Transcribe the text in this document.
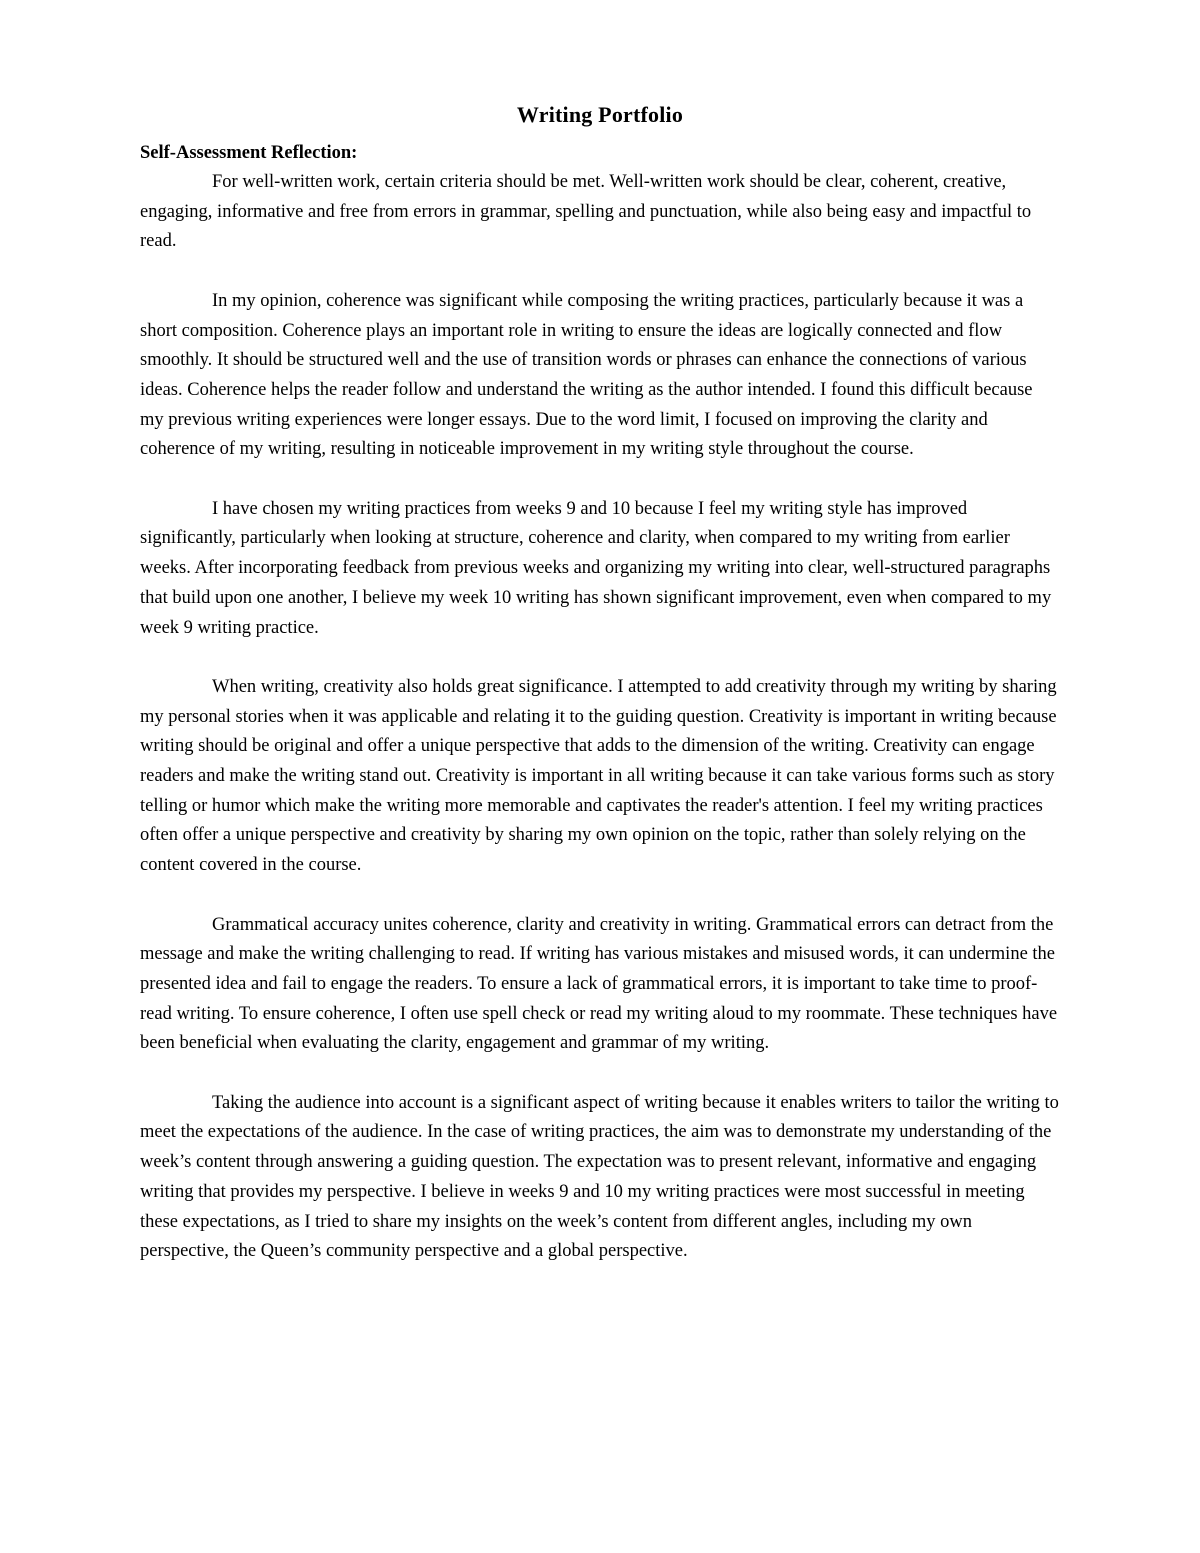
Writing Portfolio
Self-Assessment Reflection:

For well-written work, certain criteria should be met. Well-written work should be clear, coherent, creative, engaging, informative and free from errors in grammar, spelling and punctuation, while also being easy and impactful to read.

In my opinion, coherence was significant while composing the writing practices, particularly because it was a short composition. Coherence plays an important role in writing to ensure the ideas are logically connected and flow smoothly. It should be structured well and the use of transition words or phrases can enhance the connections of various ideas. Coherence helps the reader follow and understand the writing as the author intended. I found this difficult because my previous writing experiences were longer essays. Due to the word limit, I focused on improving the clarity and coherence of my writing, resulting in noticeable improvement in my writing style throughout the course.

I have chosen my writing practices from weeks 9 and 10 because I feel my writing style has improved significantly, particularly when looking at structure, coherence and clarity, when compared to my writing from earlier weeks. After incorporating feedback from previous weeks and organizing my writing into clear, well-structured paragraphs that build upon one another, I believe my week 10 writing has shown significant improvement, even when compared to my week 9 writing practice.

When writing, creativity also holds great significance. I attempted to add creativity through my writing by sharing my personal stories when it was applicable and relating it to the guiding question. Creativity is important in writing because writing should be original and offer a unique perspective that adds to the dimension of the writing. Creativity can engage readers and make the writing stand out. Creativity is important in all writing because it can take various forms such as story telling or humor which make the writing more memorable and captivates the reader's attention. I feel my writing practices often offer a unique perspective and creativity by sharing my own opinion on the topic, rather than solely relying on the content covered in the course.

Grammatical accuracy unites coherence, clarity and creativity in writing. Grammatical errors can detract from the message and make the writing challenging to read. If writing has various mistakes and misused words, it can undermine the presented idea and fail to engage the readers. To ensure a lack of grammatical errors, it is important to take time to proof-read writing. To ensure coherence, I often use spell check or read my writing aloud to my roommate. These techniques have been beneficial when evaluating the clarity, engagement and grammar of my writing.

Taking the audience into account is a significant aspect of writing because it enables writers to tailor the writing to meet the expectations of the audience. In the case of writing practices, the aim was to demonstrate my understanding of the week’s content through answering a guiding question. The expectation was to present relevant, informative and engaging writing that provides my perspective. I believe in weeks 9 and 10 my writing practices were most successful in meeting these expectations, as I tried to share my insights on the week’s content from different angles, including my own perspective, the Queen’s community perspective and a global perspective.
